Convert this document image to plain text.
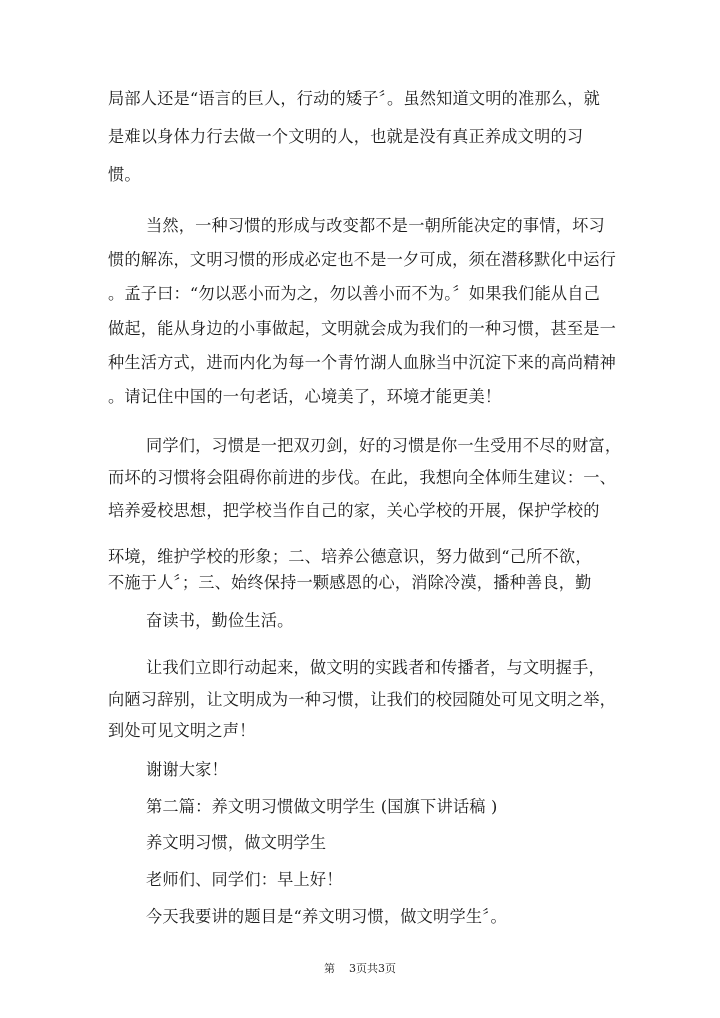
局部人还是“语言的巨人，行动的矮子〞。虽然知道文明的准那么，就
是难以身体力行去做一个文明的人，也就是没有真正养成文明的习
惯。
当然，一种习惯的形成与改变都不是一朝所能决定的事情，坏习
惯的解冻，文明习惯的形成必定也不是一夕可成，须在潜移默化中运行
。孟子曰：“勿以恶小而为之，勿以善小而不为。〞如果我们能从自己
做起，能从身边的小事做起，文明就会成为我们的一种习惯，甚至是一
种生活方式，进而内化为每一个青竹湖人血脉当中沉淀下来的高尚精神
。请记住中国的一句老话，心境美了，环境才能更美！
同学们，习惯是一把双刃剑，好的习惯是你一生受用不尽的财富，
而坏的习惯将会阻碍你前进的步伐。在此，我想向全体师生建议：一、
培养爱校思想，把学校当作自己的家，关心学校的开展，保护学校的
环境，维护学校的形象；二、培养公德意识，努力做到“己所不欲，
不施于人〞；三、始终保持一颗感恩的心，消除冷漠，播种善良，勤
奋读书，勤俭生活。
让我们立即行动起来，做文明的实践者和传播者，与文明握手，
向陋习辞别，让文明成为一种习惯，让我们的校园随处可见文明之举，
到处可见文明之声！
谢谢大家！
第二篇：养文明习惯做文明学生 (国旗下讲话稿 )
养文明习惯，做文明学生
老师们、同学们：早上好！
今天我要讲的题目是“养文明习惯，做文明学生〞。
第 3页共3页
